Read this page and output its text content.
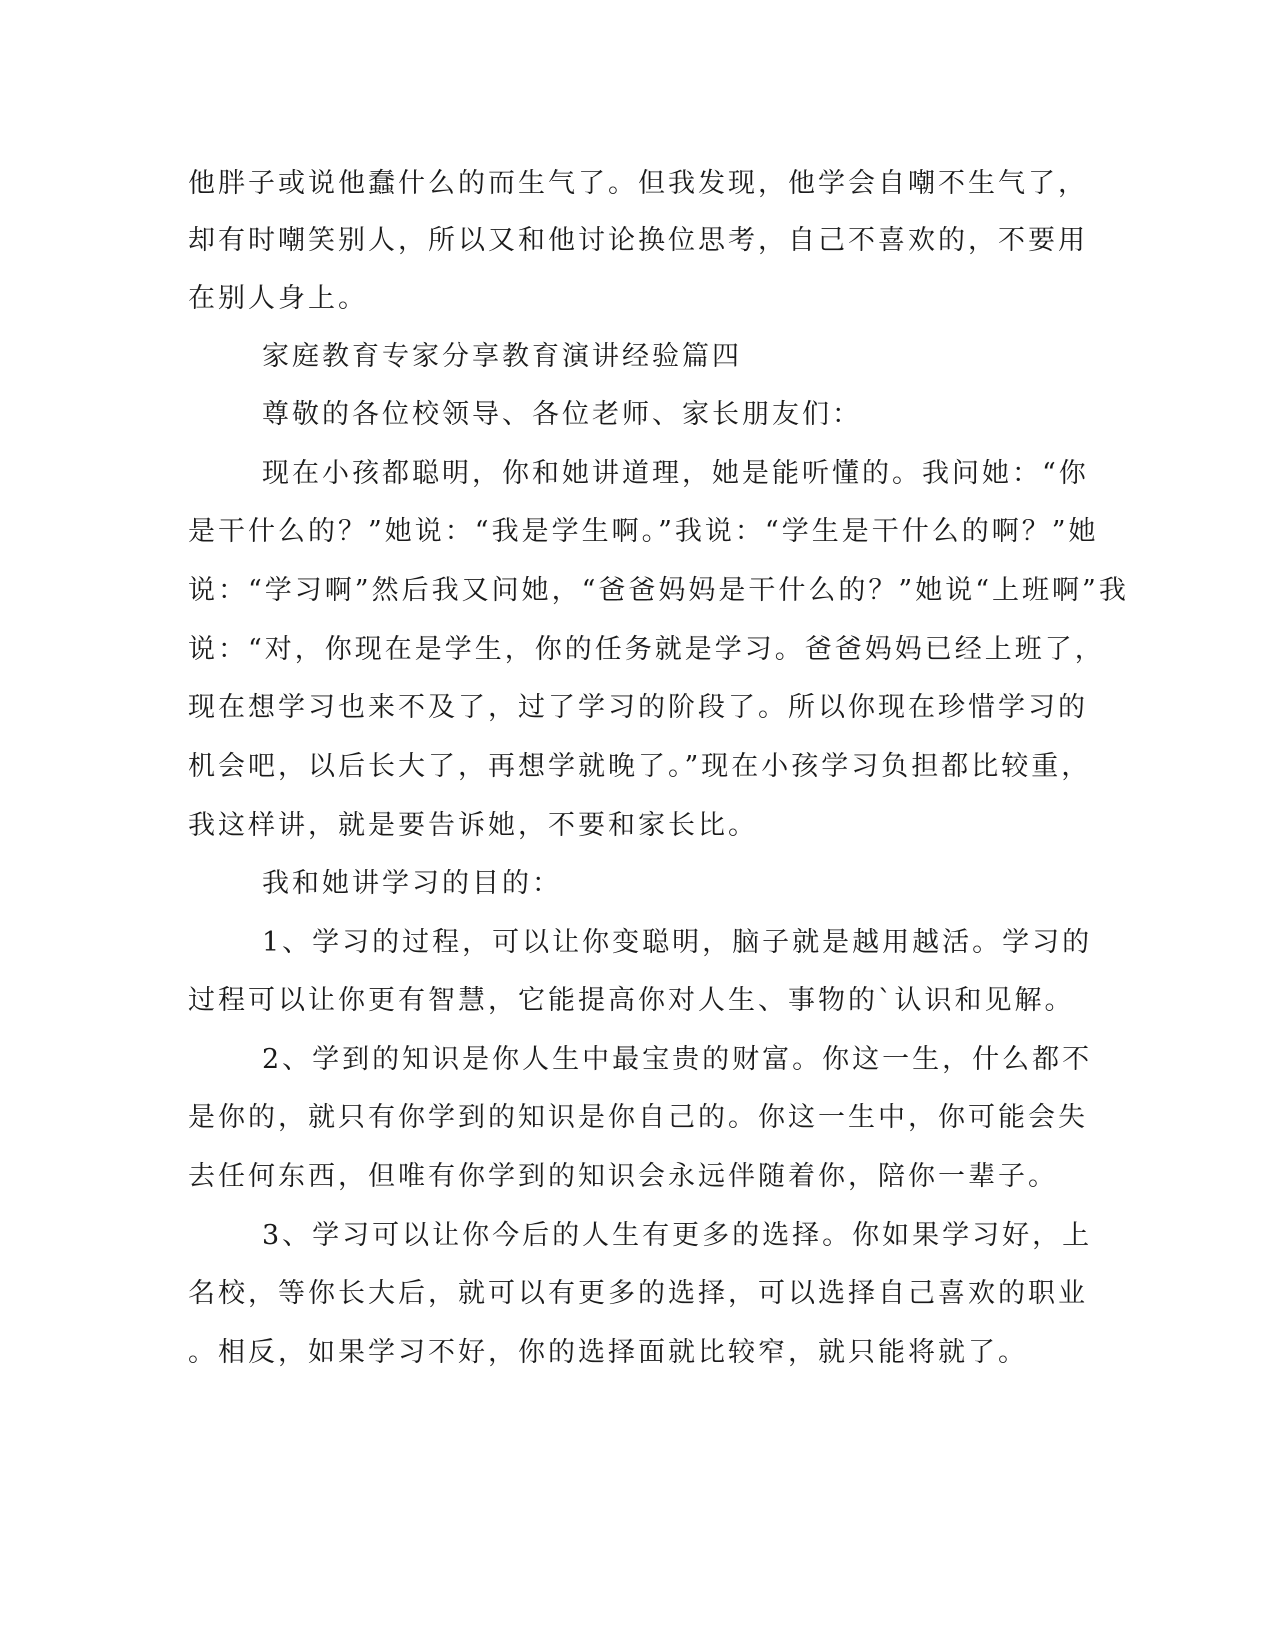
他胖子或说他蠢什么的而生气了。但我发现，他学会自嘲不生气了，
却有时嘲笑别人，所以又和他讨论换位思考，自己不喜欢的，不要用
在别人身上。
家庭教育专家分享教育演讲经验篇四
尊敬的各位校领导、各位老师、家长朋友们：
现在小孩都聪明，你和她讲道理，她是能听懂的。我问她：“你
是干什么的？”她说：“我是学生啊。”我说：“学生是干什么的啊？”她
说：“学习啊”然后我又问她，“爸爸妈妈是干什么的？”她说“上班啊”我
说：“对，你现在是学生，你的任务就是学习。爸爸妈妈已经上班了，
现在想学习也来不及了，过了学习的阶段了。所以你现在珍惜学习的
机会吧，以后长大了，再想学就晚了。”现在小孩学习负担都比较重，
我这样讲，就是要告诉她，不要和家长比。
我和她讲学习的目的：
1、学习的过程，可以让你变聪明，脑子就是越用越活。学习的
过程可以让你更有智慧，它能提高你对人生、事物的`认识和见解。
2、学到的知识是你人生中最宝贵的财富。你这一生，什么都不
是你的，就只有你学到的知识是你自己的。你这一生中，你可能会失
去任何东西，但唯有你学到的知识会永远伴随着你，陪你一辈子。
3、学习可以让你今后的人生有更多的选择。你如果学习好，上
名校，等你长大后，就可以有更多的选择，可以选择自己喜欢的职业
。相反，如果学习不好，你的选择面就比较窄，就只能将就了。
